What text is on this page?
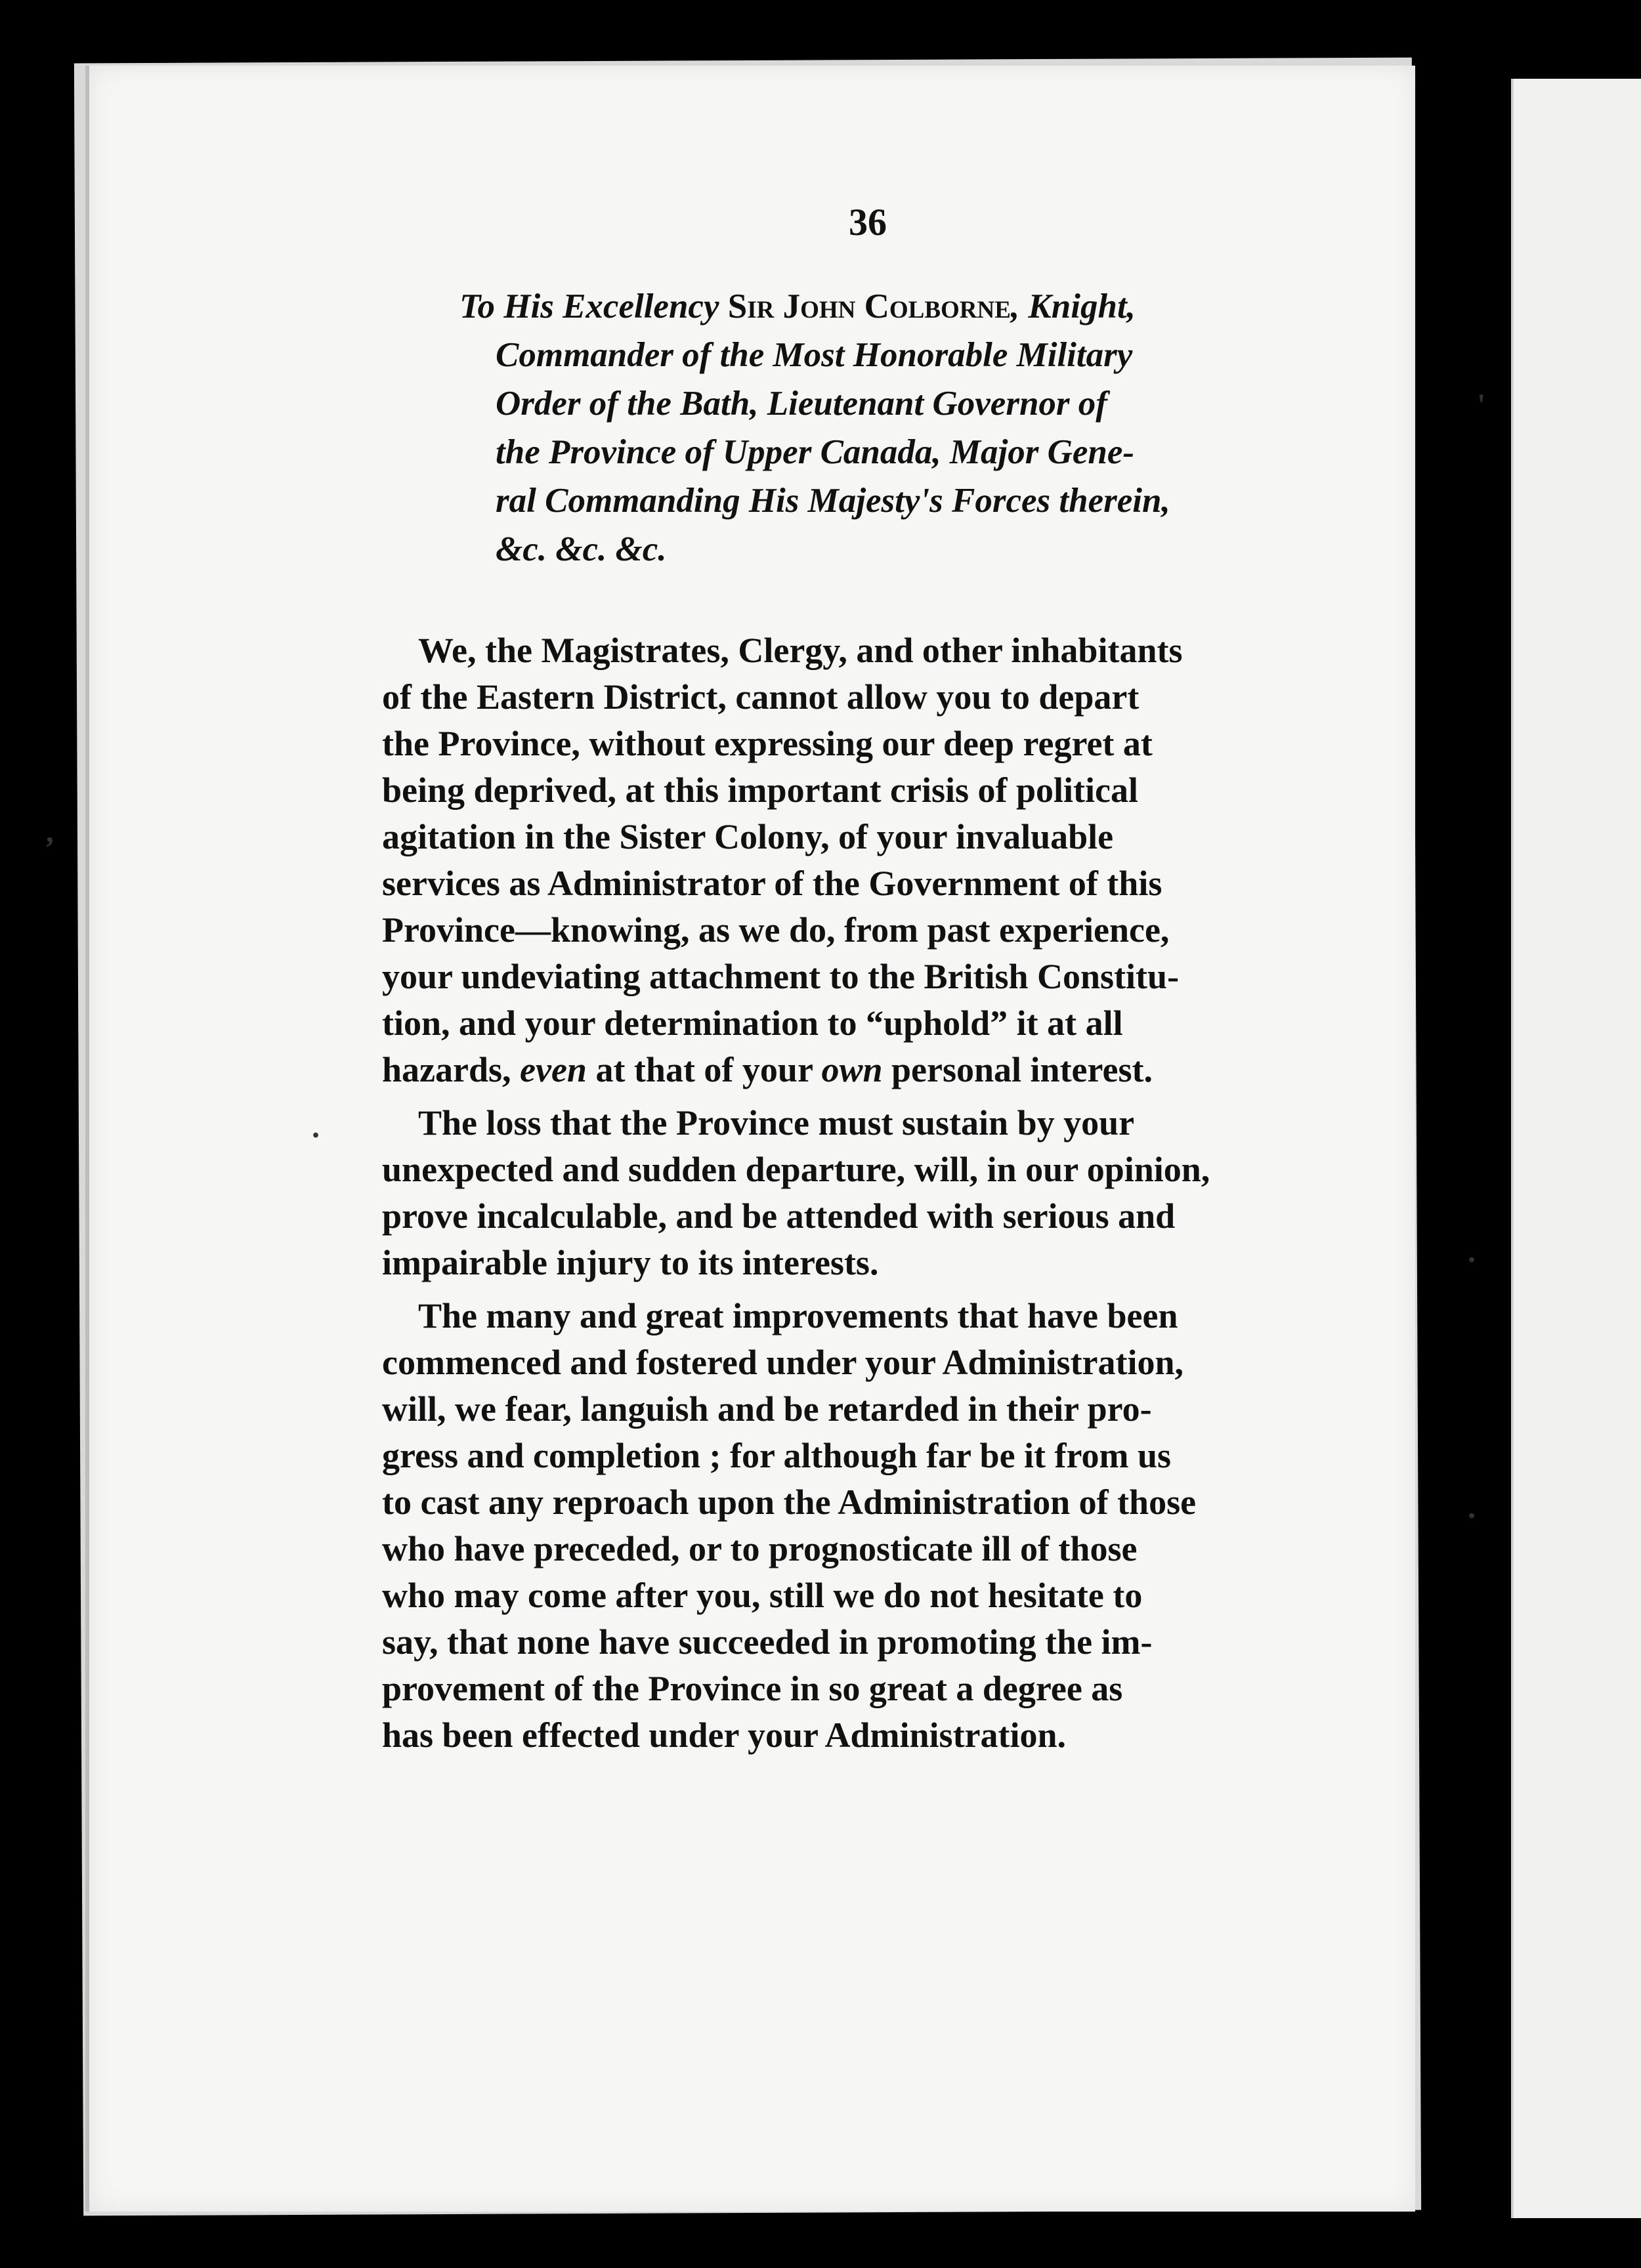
36
To His Excellency Sir John Colborne, Knight,
Commander of the Most Honorable Military
Order of the Bath, Lieutenant Governor of
the Province of Upper Canada, Major Gene-
ral Commanding His Majesty's Forces therein,
&c. &c. &c.
We, the Magistrates, Clergy, and other inhabitants
of the Eastern District, cannot allow you to depart
the Province, without expressing our deep regret at
being deprived, at this important crisis of political
agitation in the Sister Colony, of your invaluable
services as Administrator of the Government of this
Province—knowing, as we do, from past experience,
your undeviating attachment to the British Constitu-
tion, and your determination to “uphold” it at all
hazards, even at that of your own personal interest.
The loss that the Province must sustain by your
unexpected and sudden departure, will, in our opinion,
prove incalculable, and be attended with serious and
impairable injury to its interests.
The many and great improvements that have been
commenced and fostered under your Administration,
will, we fear, languish and be retarded in their pro-
gress and completion ; for although far be it from us
to cast any reproach upon the Administration of those
who have preceded, or to prognosticate ill of those
who may come after you, still we do not hesitate to
say, that none have succeeded in promoting the im-
provement of the Province in so great a degree as
has been effected under your Administration.
'
,
.
.
.
